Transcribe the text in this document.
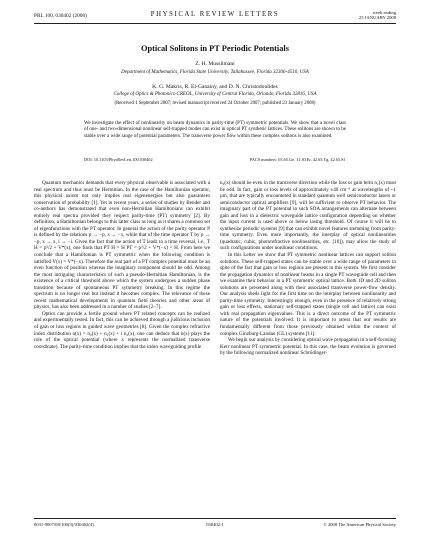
PRL 100, 030402 (2008)	PHYSICAL REVIEW LETTERS	week ending
25 JANUARY 2008
Optical Solitons in PT Periodic Potentials
Z. H. Musslimani
Department of Mathematics, Florida State University, Tallahassee, Florida 32306-4510, USA
K. G. Makris, R. El-Ganainy, and D. N. Christodoulides
College of Optics & Photonics-CREOL, University of Central Florida, Orlando, Florida 32816, USA
(Received 1 September 2007; revised manuscript received 24 October 2007; published 23 January 2008)
We investigate the effect of nonlinearity on beam dynamics in parity-time (PT) symmetric potentials. We show that a novel class of one- and two-dimensional nonlinear self-trapped modes can exist in optical PT synthetic lattices. These solitons are shown to be stable over a wide range of potential parameters. The transverse power flow within these complex solitons is also examined.
DOI: 10.1103/PhysRevLett.100.030402	PACS numbers: 03.65.Ge, 11.30.Er, 42.65.Tg, 42.65.Sf

Quantum mechanics demands that every physical observable is associated with a real spectrum and thus must be Hermitian. In the case of the Hamiltonian operator, this physical axiom not only implies real eigenenergies but also guarantees conservation of probability [1]. Yet in recent years, a series of studies by Bender and co-authors has demonstrated that even non-Hermitian Hamiltonians can exhibit entirely real spectra provided they respect parity-time (PT) symmetry [2]. By definition, a Hamiltonian belongs to this latter class as long as it shares a common set of eigenfunctions with the PT operator. In general the action of the parity operator P is defined by the relations p → −p, x → −x, while that of the time operator T by p → −p, x → x, i → −i. Given the fact that the action of T leads to a time reversal, i.e., T H = p²/2 + V*(x), one finds that PT H = H PT = p²/2 + V*(−x) = H. From here we conclude that a Hamiltonian is PT symmetric when the following condition is satisfied V(x) = V*(−x). Therefore the real part of a PT complex potential must be an even function of position whereas the imaginary component should be odd. Among the most intriguing characteristics of such a pseudo-Hermitian Hamiltonian, is the existence of a critical threshold above which the system undergoes a sudden phase transition because of spontaneous PT symmetry breaking. In this regime the spectrum is no longer real but instead it becomes complex. The relevance of these recent mathematical developments in quantum field theories and other areas of physics, has also been addressed in a number of studies [2–7].

Optics can provide a fertile ground where PT related concepts can be realized and experimentally tested. In fact, this can be achieved through a judicious inclusion of gain or loss regions in guided wave geometries [8]. Given the complex refractive index distribution n(x) = n₀(x) + n₁(x) + i n₂(x), one can deduce that n(x) plays the role of the optical potential (where x represents the normalized transverse coordinate). The parity-time condition implies that the index waveguiding profile

n₀(x) should be even in the transverse direction while the loss or gain term n₂(x) must be odd. In fact, gain or loss levels of approximately ±40 cm⁻¹ at wavelengths of ~1 μm, that are typically encountered in standard quantum well semiconductor lasers or semiconductor optical amplifiers [9], will be sufficient to observe PT behavior. The imaginary part of the PT potential in such SOA arrangements can alternate between gain and loss in a dielectric waveguide lattice configuration depending on whether the input current is used above or below lasing threshold. Of course it will be to synthesize periodic systems [9] that can exhibit novel features stemming from parity-time symmetry. Even more importantly, the interplay of optical nonlinearities (quadratic, cubic, photorefractive nonlinearities, etc. [10]), may allow the study of such configurations under nonlinear conditions.

In this Letter we show that PT symmetric nonlinear lattices can support soliton solutions. These self-trapped states can be stable over a wide range of parameters in spite of the fact that gain or loss regions are present in this system. We first consider the propagation dynamics of nonlinear beams in a single PT waveguide cell and then we examine their behavior in a PT symmetric optical lattice. Both 1D and 2D soliton solutions are presented along with their associated transverse power-flow density. Our analysis sheds light for the first time on the interplay between nonlinearity and parity-time symmetry. Interestingly enough, even in the presence of relatively strong gain or loss effects, stationary self-trapped states (single cell and lattice) can exist with real propagation eigenvalues. This is a direct outcome of the PT symmetric nature of the potentials involved. It is important to stress that our results are fundamentally different from those previously obtained within the context of complex Ginzburg-Landau (GL) systems [11].

We begin our analysis by considering optical wave propagation in a self-focusing Kerr nonlinear PT symmetric potential. In this case, the beam evolution is governed by the following normalized nonlinear Schrödinger-

0031-9007/08/100(3)/030402(4)	030402-1	© 2008 The American Physical Society
